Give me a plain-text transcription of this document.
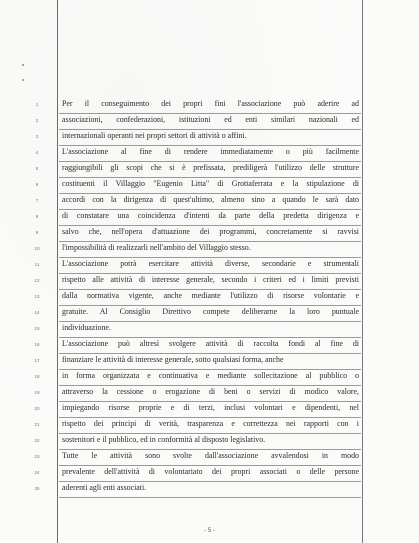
1	Per il conseguimento dei propri fini l'associazione può aderire ad
2	associazioni, confederazioni, istituzioni ed enti similari nazionali ed
3	internazionali operanti nei propri settori di attività o affini.
4	L'associazione al fine di rendere immediatamente o più facilmente
5	raggiungibili gli scopi che si è prefissata, prediligerà l'utilizzo delle strutture
6	costituenti il Villaggio "Eugenio Litta" di Grottaferrata e la stipulazione di
7	accordi con la dirigenza di quest'ultimo, almeno sino a quando le sarà dato
8	di constatare una coincidenza d'intenti da parte della predetta dirigenza e
9	salvo che, nell'opera d'attuazione dei programmi, concretamente si ravvisi
10	l'impossibilità di realizzarli nell'ambito del Villaggio stesso.
11	L'associazione potrà esercitare attività diverse, secondarie e strumentali
12	rispetto alle attività di interesse generale, secondo i criteri ed i limiti previsti
13	dalla normativa vigente, anche mediante l'utilizzo di risorse volontarie e
14	gratuite. Al Consiglio Direttivo compete deliberarne la loro puntuale
15	individuazione.
16	L'associazione può altresì svolgere attività di raccolta fondi al fine di
17	finanziare le attività di interesse generale, sotto qualsiasi forma, anche
18	in forma organizzata e continuativa e mediante sollecitazione al pubblico o
19	attraverso la cessione o erogazione di beni o servizi di modico valore,
20	impiegando risorse proprie e di terzi, inclusi volontari e dipendenti, nel
21	rispetto dei principi di verità, trasparenza e correttezza nei rapporti con i
22	sostenitori e il pubblico, ed in conformità al disposto legislativo.
23	Tutte le attività sono svolte dall'associazione avvalendosi in modo
24	prevalente dell'attività di volontariato dei propri associati o delle persone
25	aderenti agli enti associati.
- 5 -
